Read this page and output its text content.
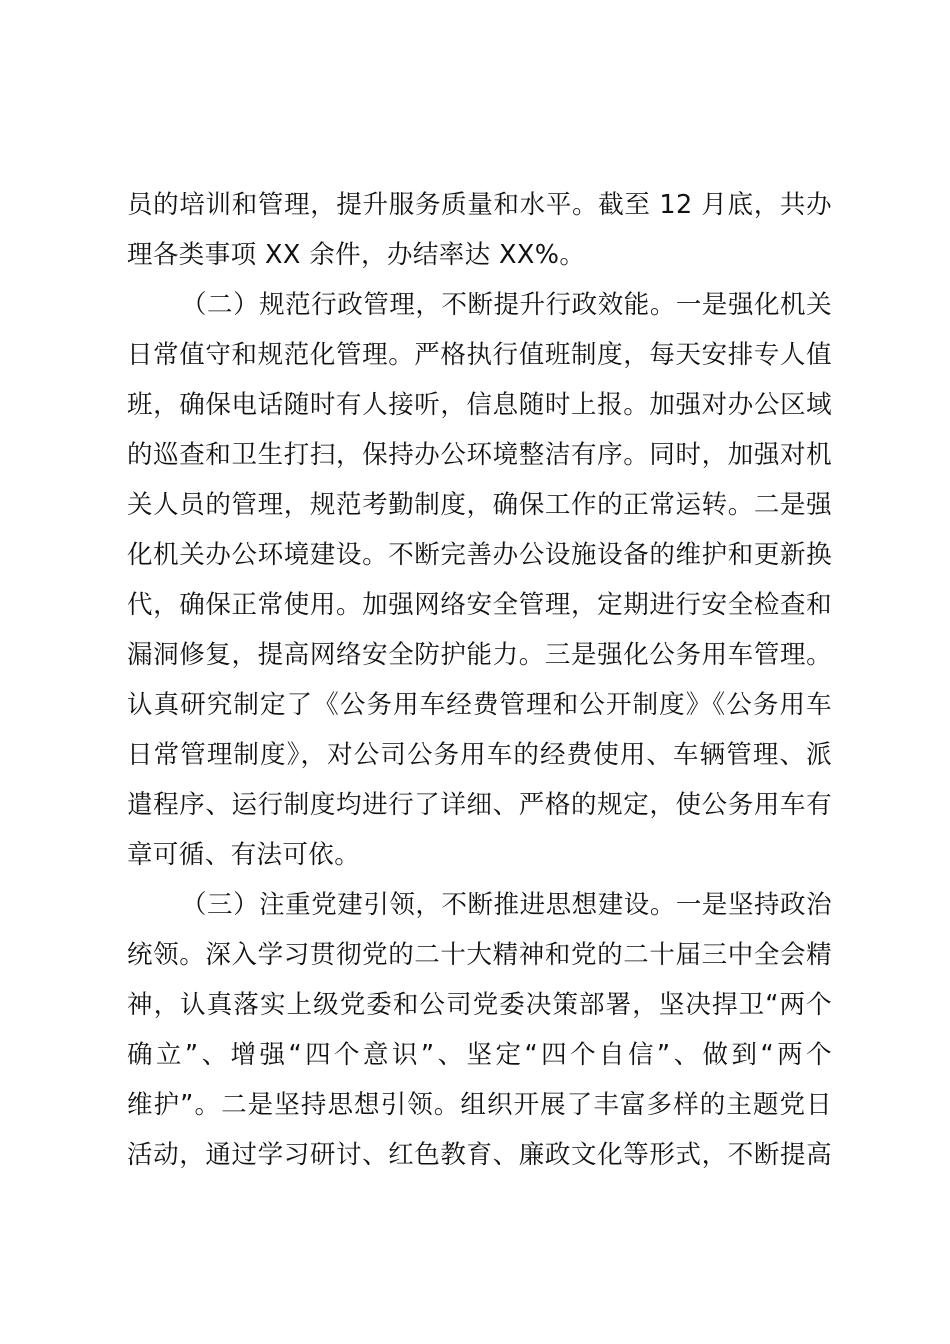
员的培训和管理，提升服务质量和水平。截至 12 月底，共办
理各类事项 XX 余件，办结率达 XX%。
（二）规范行政管理，不断提升行政效能。一是强化机关
日常值守和规范化管理。严格执行值班制度，每天安排专人值
班，确保电话随时有人接听，信息随时上报。加强对办公区域
的巡查和卫生打扫，保持办公环境整洁有序。同时，加强对机
关人员的管理，规范考勤制度，确保工作的正常运转。二是强
化机关办公环境建设。不断完善办公设施设备的维护和更新换
代，确保正常使用。加强网络安全管理，定期进行安全检查和
漏洞修复，提高网络安全防护能力。三是强化公务用车管理。
认真研究制定了《公务用车经费管理和公开制度》《公务用车
日常管理制度》，对公司公务用车的经费使用、车辆管理、派
遣程序、运行制度均进行了详细、严格的规定，使公务用车有
章可循、有法可依。
（三）注重党建引领，不断推进思想建设。一是坚持政治
统领。深入学习贯彻党的二十大精神和党的二十届三中全会精
神，认真落实上级党委和公司党委决策部署，坚决捍卫“两个
确立”、增强“四个意识”、坚定“四个自信”、做到“两个
维护”。二是坚持思想引领。组织开展了丰富多样的主题党日
活动，通过学习研讨、红色教育、廉政文化等形式，不断提高
